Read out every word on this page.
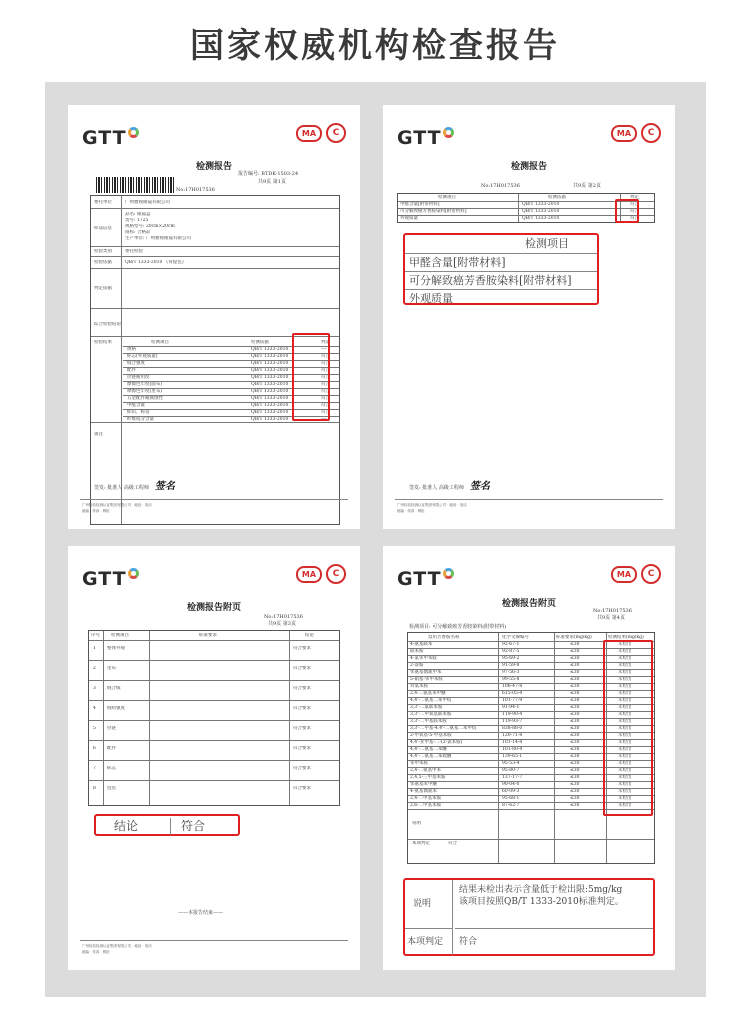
国家权威机构检查报告
GTT	MA	C
检测报告
报告编号: BTDK-1503-24
共9页 第1页
No:17H017536
委托单位	广州雅视眼镜有限公司
样品信息
品名: 眼镜盒
货号: 1725
规格型号: 20cm×20cm
商标: 合格品
生产单位: 广州雅视眼镜有限公司
检验类别	委托检验
检验依据	QB/T 1333-2010 《背提包》
判定依据
综合检验结论
检验结果	检测项目	检测依据	判定
规格	QB/T 1333-2010	----
标志(外观质量)	QB/T 1333-2010	符合
缝合强度	QB/T 1333-2010	符合
配件	QB/T 1333-2010	符合
拉链耐用度	QB/T 1333-2010	符合
摩擦色牢度(面布)	QB/T 1333-2010	符合
摩擦色牢度(里布)	QB/T 1333-2010	符合
五金配件耐腐蚀性	QB/T 1333-2010	符合
甲醛含量	QB/T 1333-2010	符合
标识、标签	QB/T 1333-2010	符合
纤维成分含量	QB/T 1333-2010	----
备注
签发: 批准人 高级工程师 签名
广州检验检测认证集团有限公司 · 地址 · 电话
邮编 · 传真 · 网址
GTT	MA	C
检测报告
No:17H017536	共9页 第2页
检测项目	检测依据	判定
甲醛含量[附带材料]	QB/T 1333-2010	符合
可分解致癌芳香胺染料[附带材料]	QB/T 1333-2010	符合
外观质量	QB/T 1333-2010	符合
检测项目
甲醛含量[附带材料]
可分解致癌芳香胺染料[附带材料]
外观质量
签发: 批准人 高级工程师 签名
广州检验检测认证集团有限公司 · 地址 · 电话
邮编 · 传真 · 网址
GTT	MA	C
检测报告附页
No:17H017536
共9页 第3页
序号 检测项目	标准要求	结论
1 整体外观	符合要求
2 里布	符合要求
3 缝合线	符合要求
4 缝纫强度	符合要求
5 拉链	符合要求
6 配件	符合要求
7 标志	符合要求
8 包装	符合要求
结论	符合
——本报告结束——
广州检验检测认证集团有限公司 · 地址 · 电话
邮编 · 传真 · 网址
GTT	MA	C
检测报告附页
No:17H017536
共9页 第4页
检测项目: 可分解致癌芳香胺染料(附带材料)
禁用芳香胺名称	化学文摘编号	标准要求(mg/kg)	检测结果(mg/kg)
4-氨基联苯	92-67-1	≤30	未检出
联苯胺	92-87-5	≤30	未检出
4-氯邻甲苯胺	95-69-2	≤30	未检出
2-萘胺	91-59-8	≤30	未检出
邻氨基偶氮甲苯	97-56-3	≤30	未检出
5-硝基-邻甲苯胺	99-55-8	≤30	未检出
对氯苯胺	106-47-8	≤30	未检出
2,4-二氨基苯甲醚	615-05-4	≤30	未检出
4,4'-二氨基二苯甲烷	101-77-9	≤30	未检出
3,3'-二氯联苯胺	91-94-1	≤30	未检出
3,3'-二甲氧基联苯胺	119-90-4	≤30	未检出
3,3'-二甲基联苯胺	119-93-7	≤30	未检出
3,3'-二甲基-4,4'-二氨基二苯甲烷	838-88-0	≤30	未检出
2-甲氧基-5-甲基苯胺	120-71-8	≤30	未检出
4,4'-亚甲基-二-(2-氯苯胺)	101-14-4	≤30	未检出
4,4'-二氨基二苯醚	101-80-4	≤30	未检出
4,4'-二氨基二苯硫醚	139-65-1	≤30	未检出
邻甲苯胺	95-53-4	≤30	未检出
2,4-二氨基甲苯	95-80-7	≤30	未检出
2,4,5-三甲基苯胺	137-17-7	≤30	未检出
邻氨基苯甲醚	90-04-0	≤30	未检出
4-氨基偶氮苯	60-09-3	≤30	未检出
2,4-二甲基苯胺	95-68-1	≤30	未检出
2,6-二甲基苯胺	87-62-7	≤30	未检出
说明
本项判定	符合
说明
结果未检出表示含量低于检出限:5mg/kg
该项目按照QB/T 1333-2010标准判定。
本项判定	符合
